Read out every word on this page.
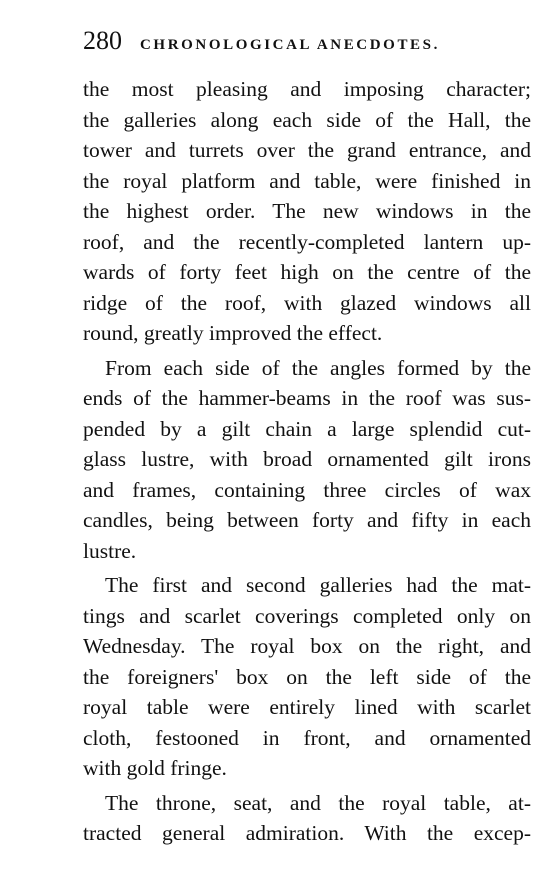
280 CHRONOLOGICAL ANECDOTES.

the most pleasing and imposing character;
the galleries along each side of the Hall, the
tower and turrets over the grand entrance, and
the royal platform and table, were finished in
the highest order. The new windows in the
roof, and the recently-completed lantern up-
wards of forty feet high on the centre of the
ridge of the roof, with glazed windows all
round, greatly improved the effect.

From each side of the angles formed by the
ends of the hammer-beams in the roof was sus-
pended by a gilt chain a large splendid cut-
glass lustre, with broad ornamented gilt irons
and frames, containing three circles of wax
candles, being between forty and fifty in each
lustre.

The first and second galleries had the mat-
tings and scarlet coverings completed only on
Wednesday. The royal box on the right, and
the foreigners' box on the left side of the
royal table were entirely lined with scarlet
cloth, festooned in front, and ornamented
with gold fringe.

The throne, seat, and the royal table, at-
tracted general admiration. With the excep-
